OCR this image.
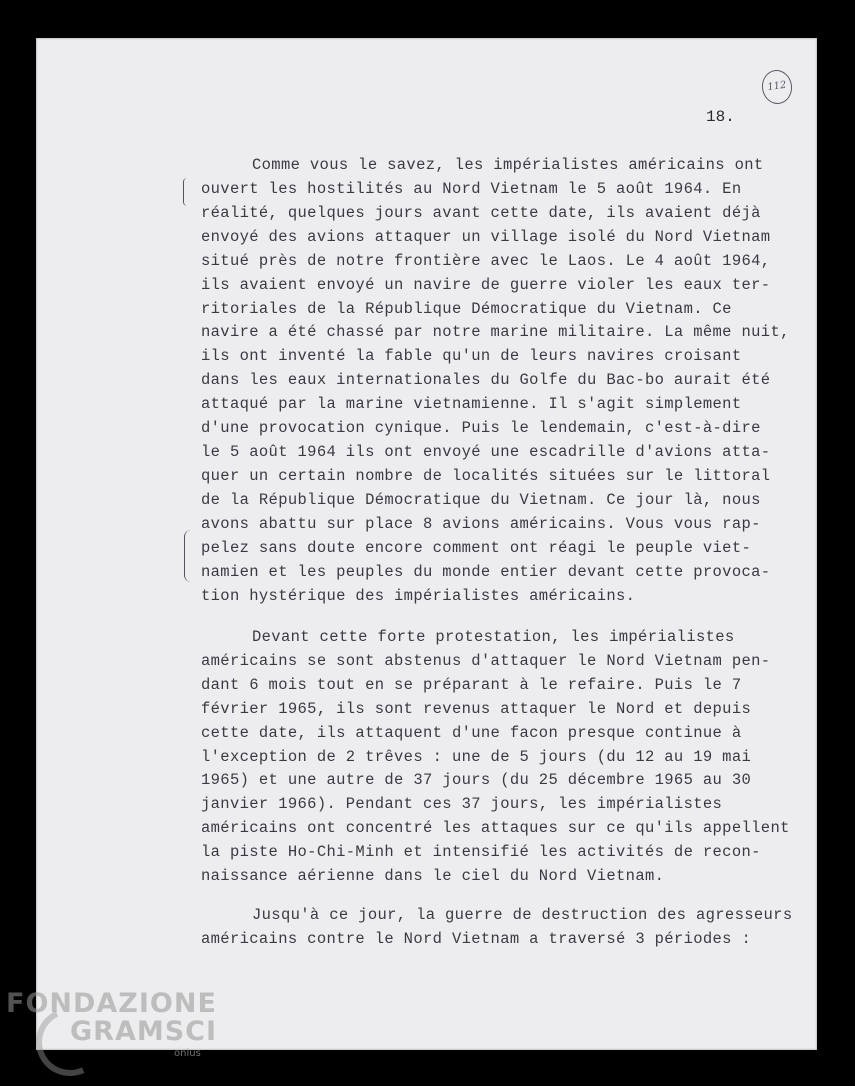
112
18.
Comme vous le savez, les impérialistes américains ont
ouvert les hostilités au Nord Vietnam le 5 août 1964. En
réalité, quelques jours avant cette date, ils avaient déjà
envoyé des avions attaquer un village isolé du Nord Vietnam
situé près de notre frontière avec le Laos. Le 4 août 1964,
ils avaient envoyé un navire de guerre violer les eaux ter-
ritoriales de la République Démocratique du Vietnam. Ce
navire a été chassé par notre marine militaire. La même nuit,
ils ont inventé la fable qu'un de leurs navires croisant
dans les eaux internationales du Golfe du Bac-bo aurait été
attaqué par la marine vietnamienne. Il s'agit simplement
d'une provocation cynique. Puis le lendemain, c'est-à-dire
le 5 août 1964 ils ont envoyé une escadrille d'avions atta-
quer un certain nombre de localités situées sur le littoral
de la République Démocratique du Vietnam. Ce jour là, nous
avons abattu sur place 8 avions américains. Vous vous rap-
pelez sans doute encore comment ont réagi le peuple viet-
namien et les peuples du monde entier devant cette provoca-
tion hystérique des impérialistes américains.
Devant cette forte protestation, les impérialistes
américains se sont abstenus d'attaquer le Nord Vietnam pen-
dant 6 mois tout en se préparant à le refaire. Puis le 7
février 1965, ils sont revenus attaquer le Nord et depuis
cette date, ils attaquent d'une facon presque continue à
l'exception de 2 trêves : une de 5 jours (du 12 au 19 mai
1965) et une autre de 37 jours (du 25 décembre 1965 au 30
janvier 1966). Pendant ces 37 jours, les impérialistes
américains ont concentré les attaques sur ce qu'ils appellent
la piste Ho-Chi-Minh et intensifié les activités de recon-
naissance aérienne dans le ciel du Nord Vietnam.
Jusqu'à ce jour, la guerre de destruction des agresseurs
américains contre le Nord Vietnam a traversé 3 périodes :
FONDAZIONE
GRAMSCI
onlus
